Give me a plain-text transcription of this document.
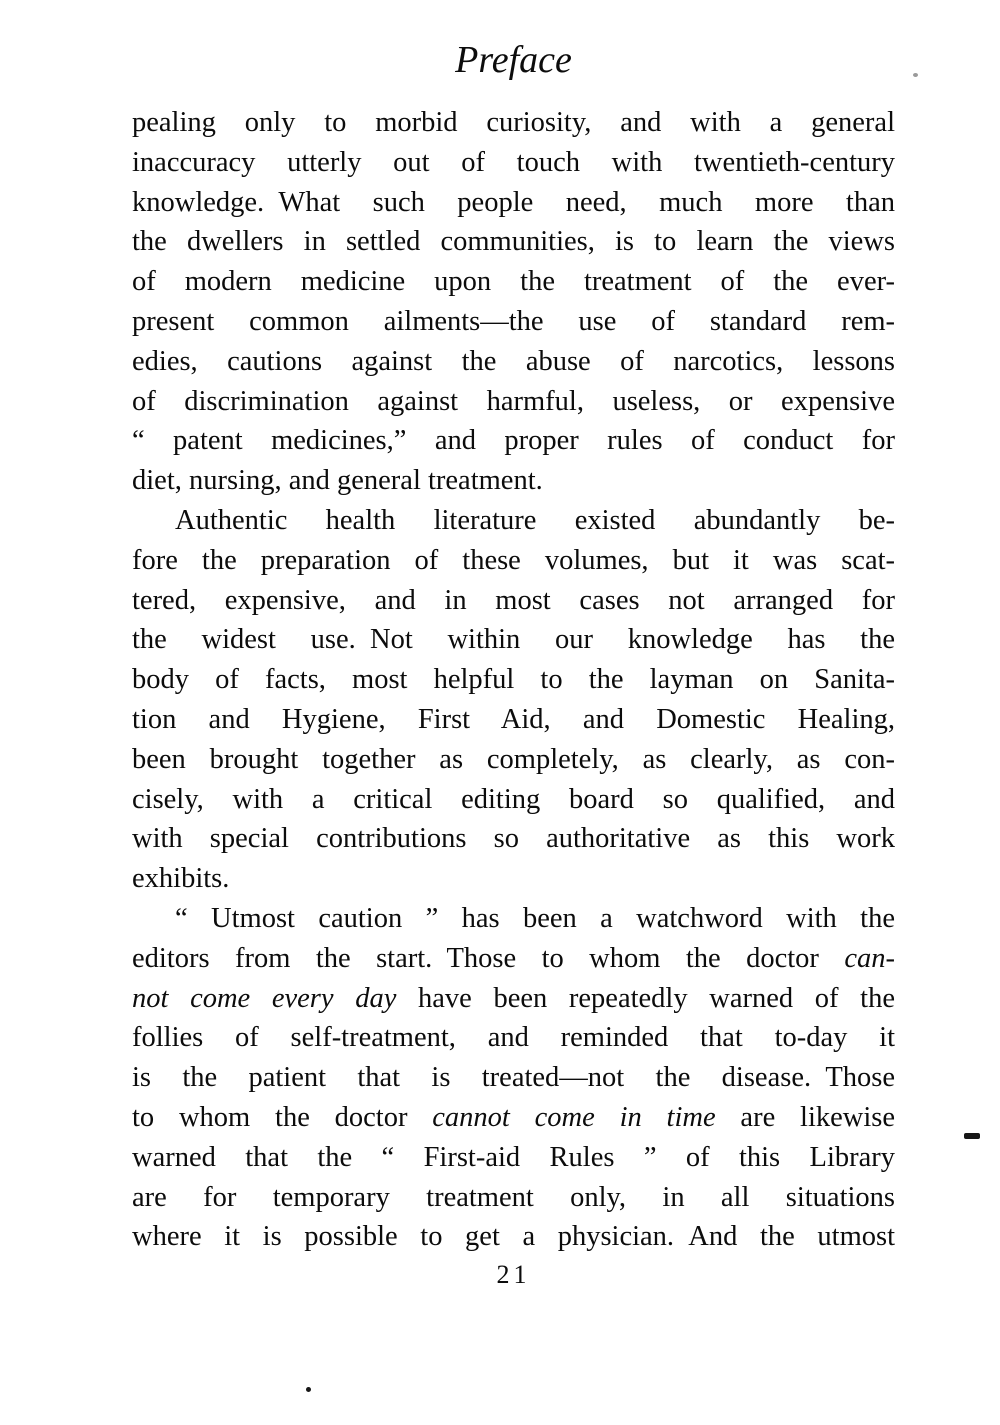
Preface
pealing only to morbid curiosity, and with a general
inaccuracy utterly out of touch with twentieth-century
knowledge. What such people need, much more than
the dwellers in settled communities, is to learn the views
of modern medicine upon the treatment of the ever-
present common ailments—the use of standard rem-
edies, cautions against the abuse of narcotics, lessons
of discrimination against harmful, useless, or expensive
“ patent medicines,” and proper rules of conduct for
diet, nursing, and general treatment.
Authentic health literature existed abundantly be-
fore the preparation of these volumes, but it was scat-
tered, expensive, and in most cases not arranged for
the widest use. Not within our knowledge has the
body of facts, most helpful to the layman on Sanita-
tion and Hygiene, First Aid, and Domestic Healing,
been brought together as completely, as clearly, as con-
cisely, with a critical editing board so qualified, and
with special contributions so authoritative as this work
exhibits.
“ Utmost caution ” has been a watchword with the
editors from the start. Those to whom the doctor can-
not come every day have been repeatedly warned of the
follies of self-treatment, and reminded that to-day it
is the patient that is treated—not the disease. Those
to whom the doctor cannot come in time are likewise
warned that the “ First-aid Rules ” of this Library
are for temporary treatment only, in all situations
where it is possible to get a physician. And the utmost
21
